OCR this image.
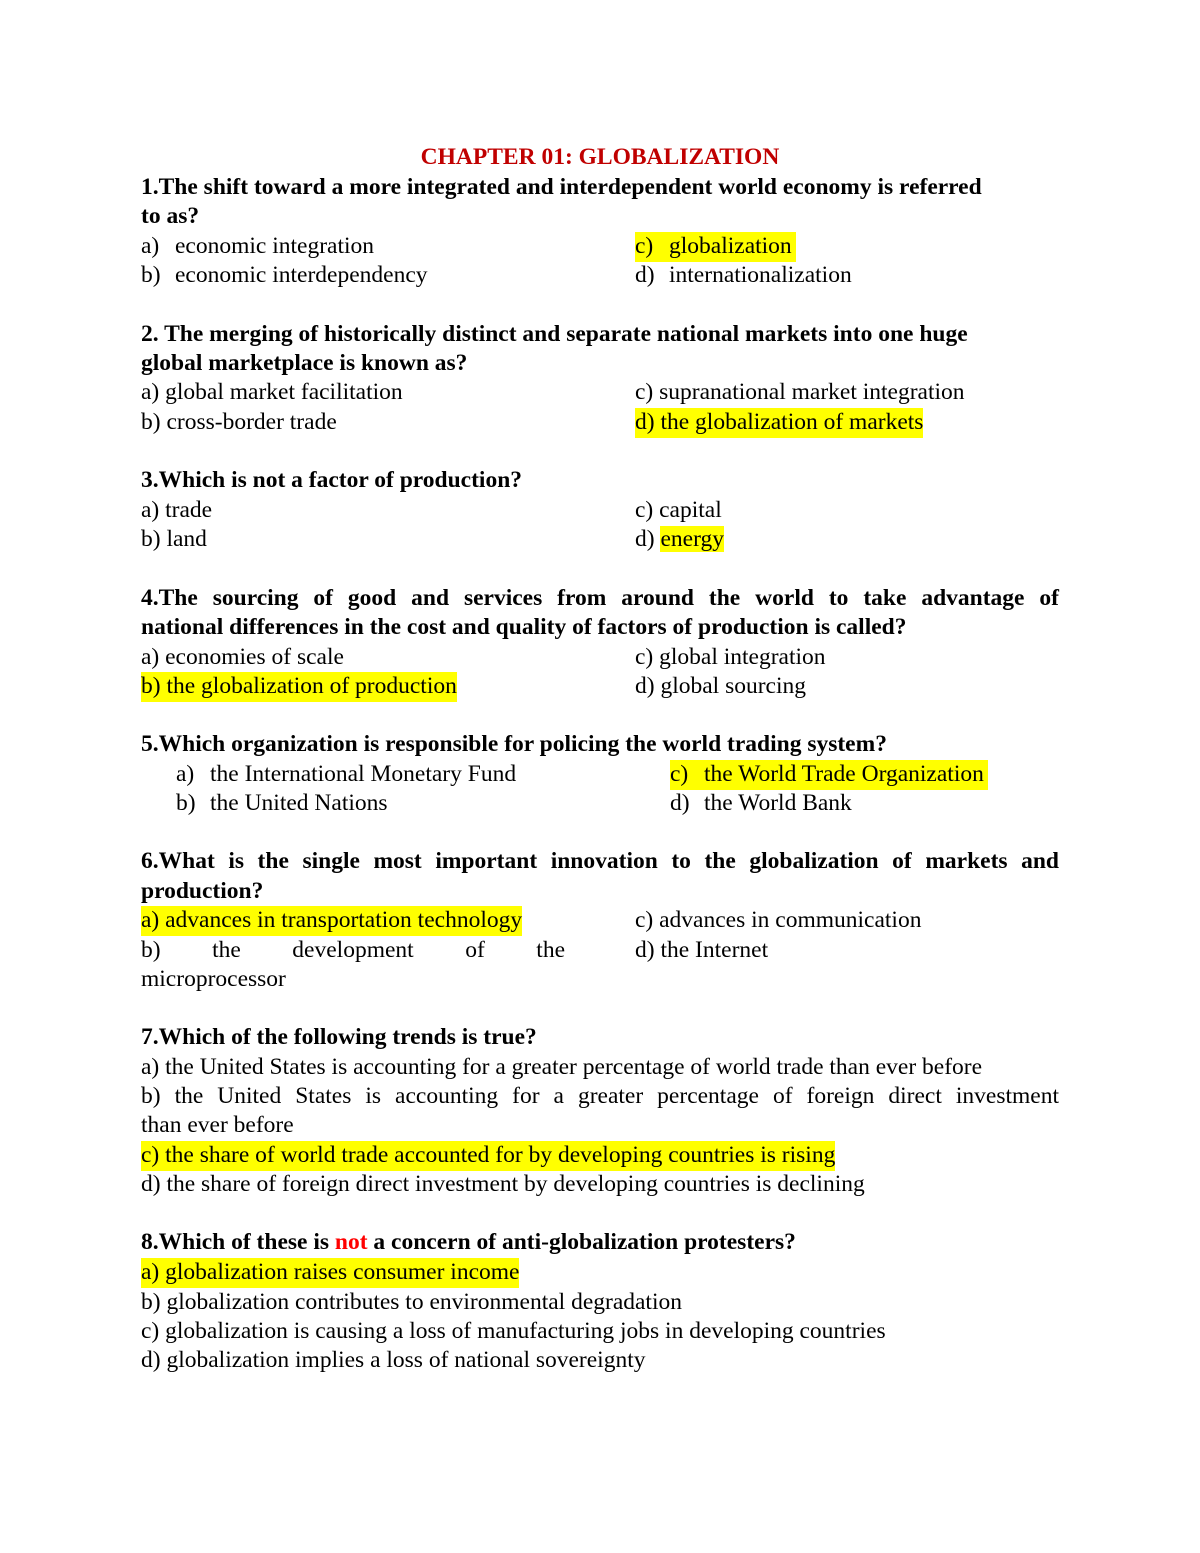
CHAPTER 01: GLOBALIZATION
1.The shift toward a more integrated and interdependent world economy is referred
to as?
a) economic integration
b) economic interdependency
c) globalization
d) internationalization
2. The merging of historically distinct and separate national markets into one huge
global marketplace is known as?
a) global market facilitation
b) cross-border trade
c) supranational market integration
d) the globalization of markets
3.Which is not a factor of production?
a) trade
b) land
c) capital
d) energy
4.The sourcing of good and services from around the world to take advantage of
national differences in the cost and quality of factors of production is called?
a) economies of scale
b) the globalization of production
c) global integration
d) global sourcing
5.Which organization is responsible for policing the world trading system?
a) the International Monetary Fund
b) the United Nations
c) the World Trade Organization
d) the World Bank
6.What is the single most important innovation to the globalization of markets and
production?
a) advances in transportation technology
b) the development of the
microprocessor
c) advances in communication
d) the Internet
7.Which of the following trends is true?
a) the United States is accounting for a greater percentage of world trade than ever before
b) the United States is accounting for a greater percentage of foreign direct investment
than ever before
c) the share of world trade accounted for by developing countries is rising
d) the share of foreign direct investment by developing countries is declining
8.Which of these is not a concern of anti-globalization protesters?
a) globalization raises consumer income
b) globalization contributes to environmental degradation
c) globalization is causing a loss of manufacturing jobs in developing countries
d) globalization implies a loss of national sovereignty
